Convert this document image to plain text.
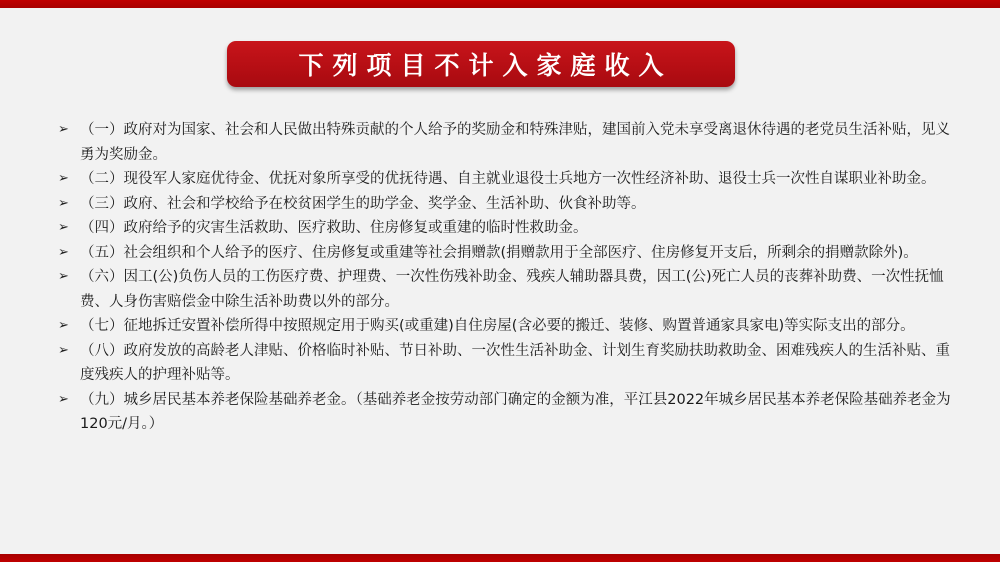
下列项目不计入家庭收入
➢ （一）政府对为国家、社会和人民做出特殊贡献的个人给予的奖励金和特殊津贴，建国前入党未享受离退休待遇的老党员生活补贴，见义勇为奖励金。
➢ （二）现役军人家庭优待金、优抚对象所享受的优抚待遇、自主就业退役士兵地方一次性经济补助、退役士兵一次性自谋职业补助金。
➢ （三）政府、社会和学校给予在校贫困学生的助学金、奖学金、生活补助、伙食补助等。
➢ （四）政府给予的灾害生活救助、医疗救助、住房修复或重建的临时性救助金。
➢ （五）社会组织和个人给予的医疗、住房修复或重建等社会捐赠款(捐赠款用于全部医疗、住房修复开支后，所剩余的捐赠款除外)。
➢ （六）因工(公)负伤人员的工伤医疗费、护理费、一次性伤残补助金、残疾人辅助器具费，因工(公)死亡人员的丧葬补助费、一次性抚恤费、人身伤害赔偿金中除生活补助费以外的部分。
➢ （七）征地拆迁安置补偿所得中按照规定用于购买(或重建)自住房屋(含必要的搬迁、装修、购置普通家具家电)等实际支出的部分。
➢ （八）政府发放的高龄老人津贴、价格临时补贴、节日补助、一次性生活补助金、计划生育奖励扶助救助金、困难残疾人的生活补贴、重度残疾人的护理补贴等。
➢ （九）城乡居民基本养老保险基础养老金。（基础养老金按劳动部门确定的金额为准，平江县2022年城乡居民基本养老保险基础养老金为120元/月。）
